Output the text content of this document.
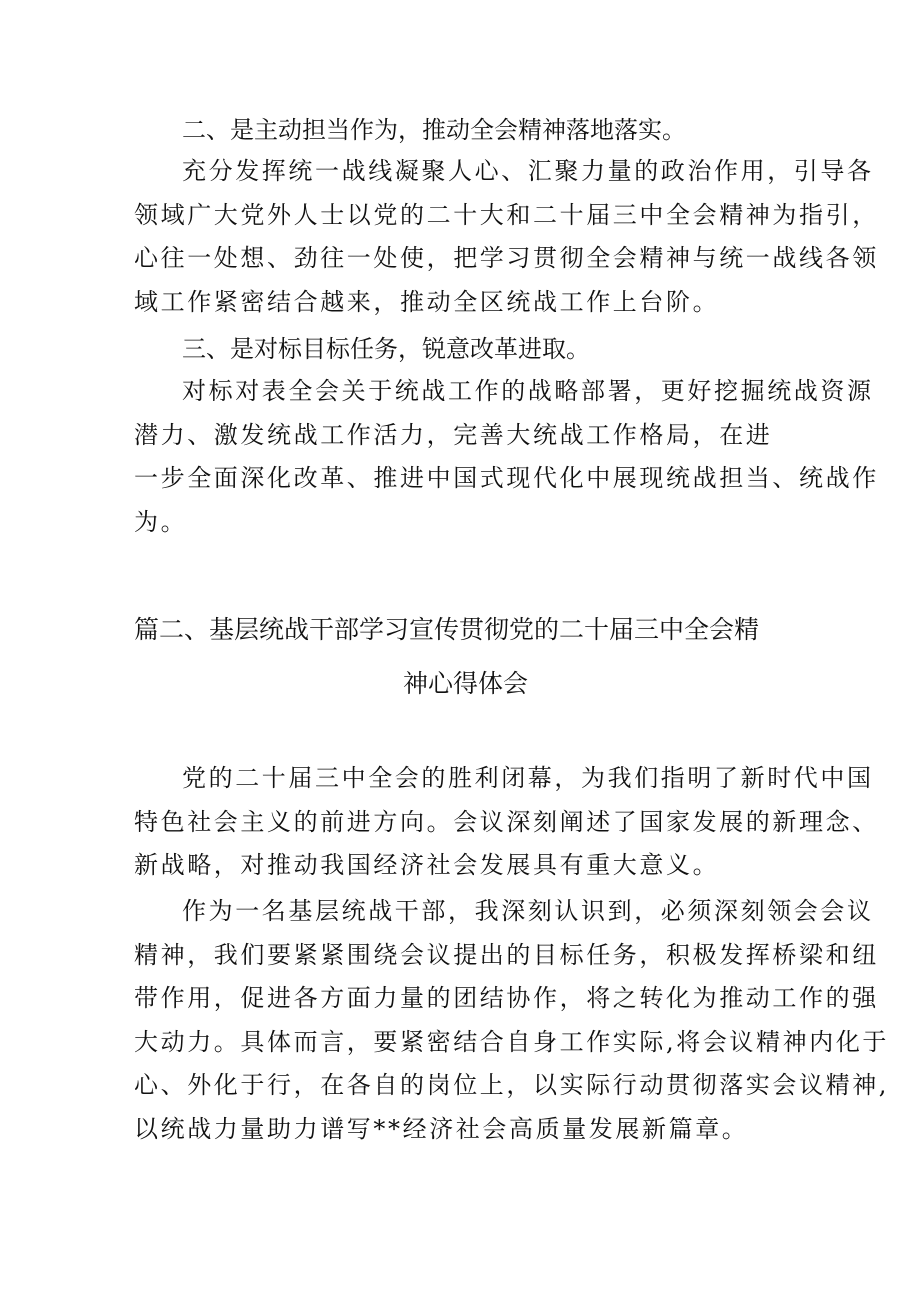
二、是主动担当作为，推动全会精神落地落实。
充分发挥统一战线凝聚人心、汇聚力量的政治作用，引导各
领域广大党外人士以党的二十大和二十届三中全会精神为指引，
心往一处想、劲往一处使，把学习贯彻全会精神与统一战线各领
域工作紧密结合越来，推动全区统战工作上台阶。
三、是对标目标任务，锐意改革进取。
对标对表全会关于统战工作的战略部署，更好挖掘统战资源
潜力、激发统战工作活力，完善大统战工作格局，在进
一步全面深化改革、推进中国式现代化中展现统战担当、统战作
为。
篇二、基层统战干部学习宣传贯彻党的二十届三中全会精
神心得体会
党的二十届三中全会的胜利闭幕，为我们指明了新时代中国
特色社会主义的前进方向。会议深刻阐述了国家发展的新理念、
新战略，对推动我国经济社会发展具有重大意义。
作为一名基层统战干部，我深刻认识到，必须深刻领会会议
精神，我们要紧紧围绕会议提出的目标任务，积极发挥桥梁和纽
带作用，促进各方面力量的团结协作，将之转化为推动工作的强
大动力。具体而言，要紧密结合自身工作实际,将会议精神内化于
心、外化于行，在各自的岗位上，以实际行动贯彻落实会议精神,
以统战力量助力谱写**经济社会高质量发展新篇章。
